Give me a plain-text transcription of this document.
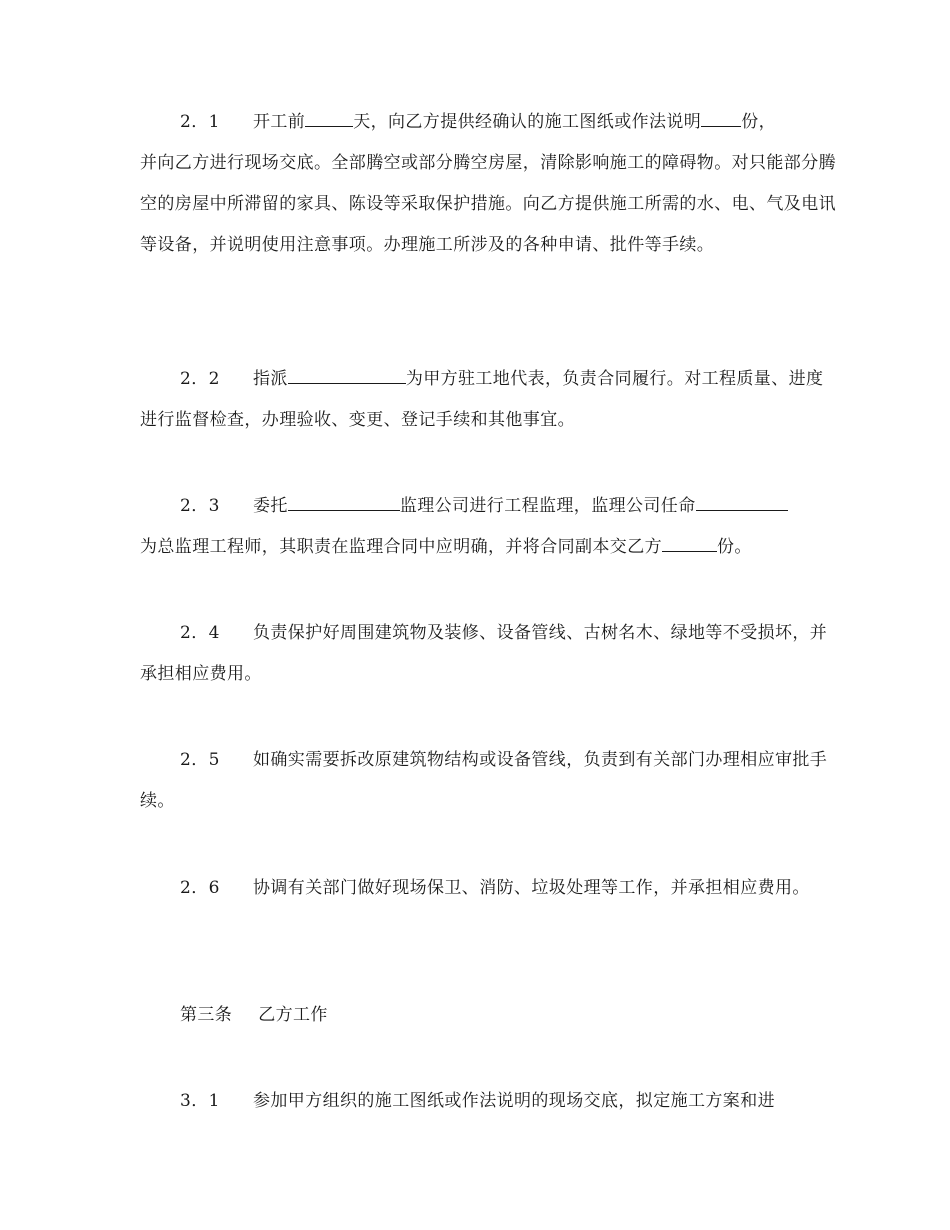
2．1 开工前	天，向乙方提供经确认的施工图纸或作法说明 份，
并向乙方进行现场交底。全部腾空或部分腾空房屋，清除影响施工的障碍物。对只能部分腾空的房屋中所滞留的家具、陈设等采取保护措施。向乙方提供施工所需的水、电、气及电讯等设备，并说明使用注意事项。办理施工所涉及的各种申请、批件等手续。

2．2 指派	为甲方驻工地代表，负责合同履行。对工程质量、进度进行监督检查，办理验收、变更、登记手续和其他事宜。

2．3 委托	监理公司进行工程监理，监理公司任命
为总监理工程师，其职责在监理合同中应明确，并将合同副本交乙方	份。

2．4 负责保护好周围建筑物及装修、设备管线、古树名木、绿地等不受损坏，并承担相应费用。

2．5 如确实需要拆改原建筑物结构或设备管线，负责到有关部门办理相应审批手续。

2．6 协调有关部门做好现场保卫、消防、垃圾处理等工作，并承担相应费用。

第三条 乙方工作

3．1 参加甲方组织的施工图纸或作法说明的现场交底，拟定施工方案和进
